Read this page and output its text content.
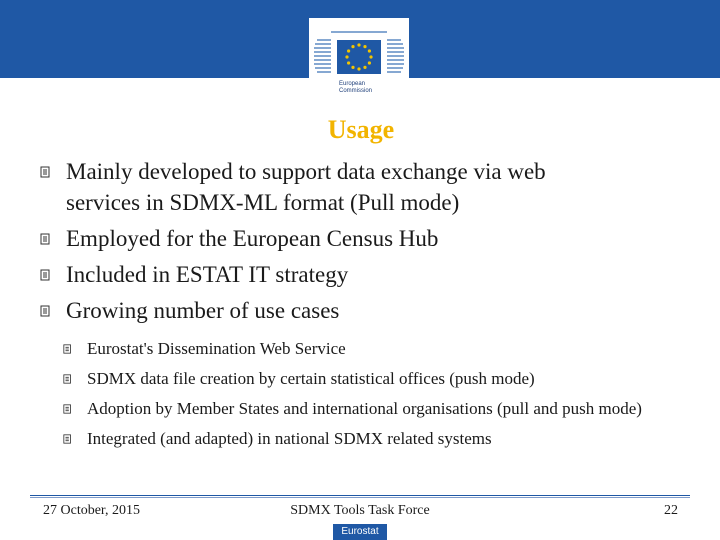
European
Commission
Usage
Mainly developed to support data exchange via web
services in SDMX-ML format (Pull mode)
Employed for the European Census Hub
Included in ESTAT IT strategy
Growing number of use cases
Eurostat's Dissemination Web Service
SDMX data file creation by certain statistical offices (push mode)
Adoption by Member States and international organisations (pull and push mode)
Integrated (and adapted) in national SDMX related systems
27 October, 2015	SDMX Tools Task Force	22
Eurostat
